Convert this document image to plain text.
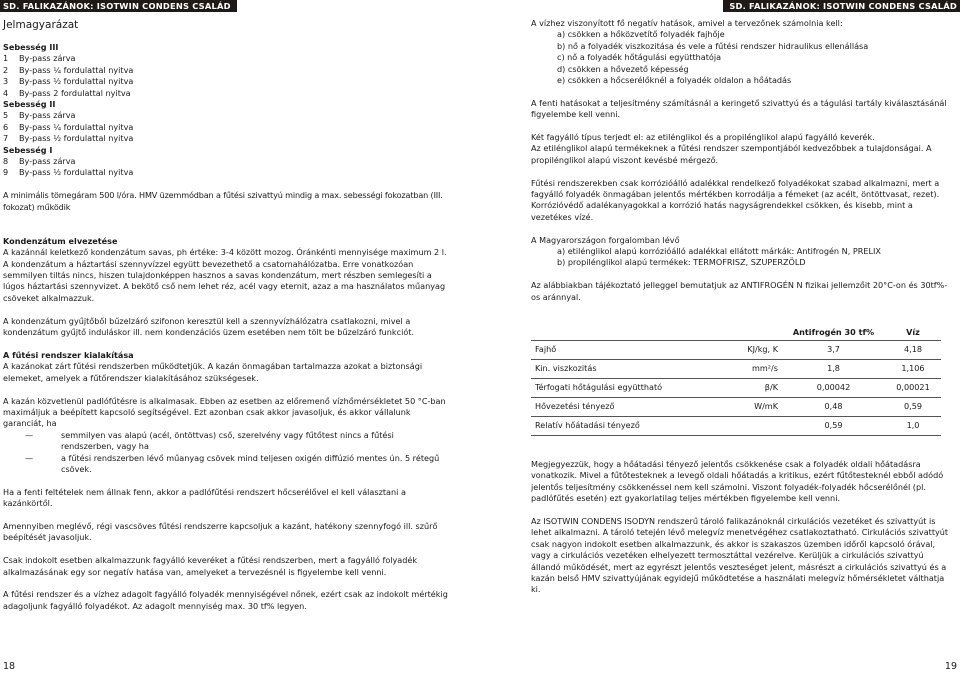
SD. FALIKAZÁNOK: ISOTWIN CONDENS CSALÁD

Jelmagyarázat

Sebesség III

1	By-pass zárva
2	By-pass ¼ fordulattal nyitva
3	By-pass ½ fordulattal nyitva
4	By-pass 2 fordulattal nyitva

Sebesség II

5	By-pass zárva
6	By-pass ¼ fordulattal nyitva
7	By-pass ½ fordulattal nyitva

Sebesség I

8	By-pass zárva
9	By-pass ½ fordulattal nyitva

A minimális tömegáram 500 l/óra. HMV üzemmódban a fűtési szivattyú mindig a max. sebességi fokozatban (III. fokozat) működik

Kondenzátum elvezetése

A kazánnál keletkező kondenzátum savas, ph értéke: 3-4 között mozog. Óránkénti mennyisége maximum 2 l. A kondenzátum a háztartási szennyvízzel együtt bevezethető a csatornahálózatba. Erre vonatkozóan semmilyen tiltás nincs, hiszen tulajdonképpen hasznos a savas kondenzátum, mert részben semlegesíti a lúgos háztartási szennyvizet. A bekötő cső nem lehet réz, acél vagy eternit, azaz a ma használatos műanyag csöveket alkalmazzuk.

A kondenzátum gyűjtőből bűzelzáró szifonon keresztül kell a szennyvízhálózatra csatlakozni, mivel a kondenzátum gyűjtő induláskor ill. nem kondenzációs üzem esetében nem tölt be bűzelzáró funkciót.

A fűtési rendszer kialakítása

A kazánokat zárt fűtési rendszerben működtetjük. A kazán önmagában tartalmazza azokat a biztonsági elemeket, amelyek a fűtőrendszer kialakításához szükségesek.

A kazán közvetlenül padlófűtésre is alkalmasak. Ebben az esetben az előremenő vízhőmérsékletet 50 °C-ban maximáljuk a beépített kapcsoló segítségével. Ezt azonban csak akkor javasoljuk, és akkor vállalunk garanciát, ha

—	semmilyen vas alapú (acél, öntöttvas) cső, szerelvény vagy fűtőtest nincs a fűtési rendszerben, vagy ha
—	a fűtési rendszerben lévő műanyag csövek mind teljesen oxigén diffúzió mentes ún. 5 rétegű csövek.

Ha a fenti feltételek nem állnak fenn, akkor a padlófűtési rendszert hőcserélővel el kell választani a kazánkörtől.

Amennyiben meglévő, régi vascsöves fűtési rendszerre kapcsoljuk a kazánt, hatékony szennyfogó ill. szűrő beépítését javasoljuk.

Csak indokolt esetben alkalmazzunk fagyálló keveréket a fűtési rendszerben, mert a fagyálló folyadék alkalmazásának egy sor negatív hatása van, amelyeket a tervezésnél is figyelembe kell venni.

A fűtési rendszer és a vízhez adagolt fagyálló folyadék mennyiségével nőnek, ezért csak az indokolt mértékig adagoljunk fagyálló folyadékot. Az adagolt mennyiség max. 30 tf% legyen.

18
SD. FALIKAZÁNOK: ISOTWIN CONDENS CSALÁD

A vízhez viszonyított fő negatív hatások, amivel a tervezőnek számolnia kell:

a) csökken a hőközvetítő folyadék fajhője

b) nő a folyadék viszkozitása és vele a fűtési rendszer hidraulikus ellenállása

c) nő a folyadék hőtágulási együtthatója

d) csökken a hővezető képesség

e) csökken a hőcserélőknél a folyadék oldalon a hőátadás

A fenti hatásokat a teljesítmény számításnál a keringető szivattyú és a tágulási tartály kiválasztásánál figyelembe kell venni.

Két fagyálló típus terjedt el: az etilénglikol és a propilénglikol alapú fagyálló keverék.

Az etilénglikol alapú termékeknek a fűtési rendszer szempontjából kedvezőbbek a tulajdonságai. A propilénglikol alapú viszont kevésbé mérgező.

Fűtési rendszerekben csak korrózióálló adalékkal rendelkező folyadékokat szabad alkalmazni, mert a fagyálló folyadék önmagában jelentős mértékben korrodálja a fémeket (az acélt, öntöttvasat, rezet). Korrózióvédő adalékanyagokkal a korrózió hatás nagyságrendekkel csökken, és kisebb, mint a vezetékes vízé.

A Magyarországon forgalomban lévő

a) etilénglikol alapú korrózióálló adalékkal ellátott márkák: Antifrogén N, PRELIX

b) propilénglikol alapú termékek: TERMOFRISZ, SZUPERZÖLD

Az alábbiakban tájékoztató jelleggel bemutatjuk az ANTIFROGÉN N fizikai jellemzőit 20°C-on és 30tf%-os aránnyal.

		Antifrogén 30 tf%	Víz
Fajhő	KJ/kg, K	3,7	4,18
Kin. viszkozitás	mm²/s	1,8	1,106
Térfogati hőtágulási együttható	β/K	0,00042	0,00021
Hővezetési tényező	W/mK	0,48	0,59
Relatív hőátadási tényező		0,59	1,0

Megjegyezzük, hogy a hőátadási tényező jelentős csökkenése csak a folyadék oldali hőátadásra vonatkozik. Mivel a fűtőtesteknek a levegő oldali hőátadás a kritikus, ezért fűtőtesteknél ebből adódó jelentős teljesítmény csökkenéssel nem kell számolni. Viszont folyadék-folyadék hőcserélőnél (pl. padlófűtés esetén) ezt gyakorlatilag teljes mértékben figyelembe kell venni.

Az ISOTWIN CONDENS ISODYN rendszerű tároló falikazánoknál cirkulációs vezetéket és szivattyút is lehet alkalmazni. A tároló tetején lévő melegvíz menetvégéhez csatlakoztatható. Cirkulációs szivattyút csak nagyon indokolt esetben alkalmazzunk, és akkor is szakaszos üzemben időről kapcsoló órával, vagy a cirkulációs vezetéken elhelyezett termosztáttal vezérelve. Kerüljük a cirkulációs szivattyú állandó működését, mert az egyrészt jelentős veszteséget jelent, másrészt a cirkulációs szivattyú és a kazán belső HMV szivattyújának egyidejű működtetése a használati melegvíz hőmérsékletet válthatja ki.

19
